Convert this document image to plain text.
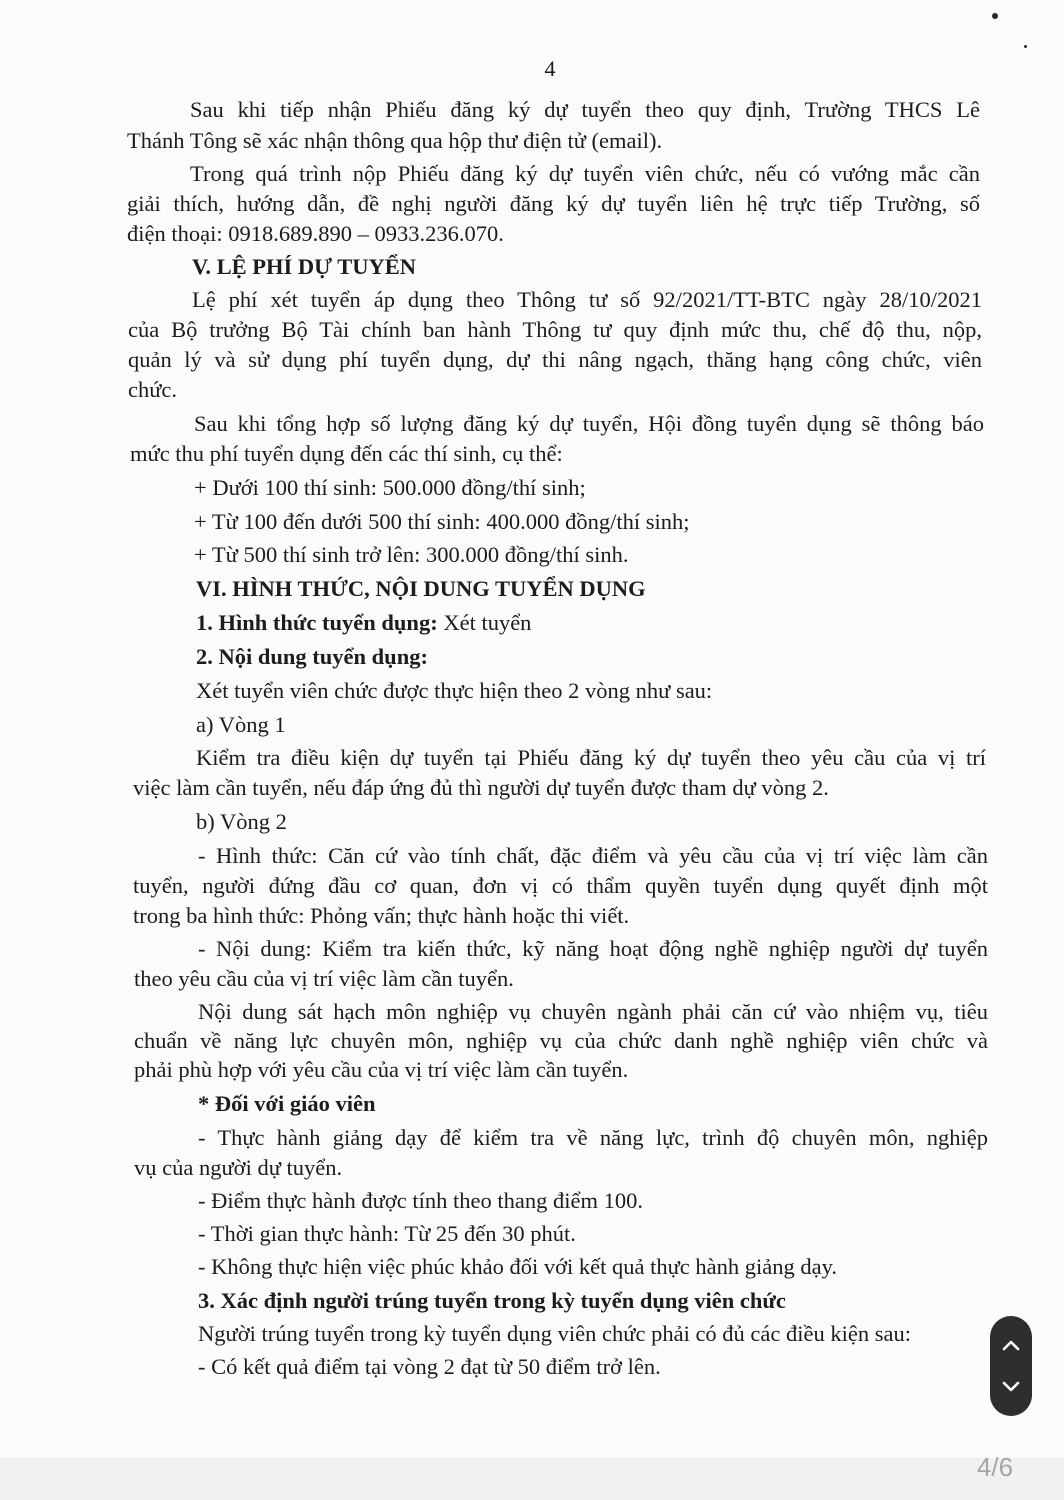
4
Sau khi tiếp nhận Phiếu đăng ký dự tuyển theo quy định, Trường THCS Lê
Thánh Tông sẽ xác nhận thông qua hộp thư điện tử (email).
Trong quá trình nộp Phiếu đăng ký dự tuyển viên chức, nếu có vướng mắc cần
giải thích, hướng dẫn, đề nghị người đăng ký dự tuyển liên hệ trực tiếp Trường, số
điện thoại: 0918.689.890 – 0933.236.070.
V. LỆ PHÍ DỰ TUYỂN
Lệ phí xét tuyển áp dụng theo Thông tư số 92/2021/TT-BTC ngày 28/10/2021
của Bộ trưởng Bộ Tài chính ban hành Thông tư quy định mức thu, chế độ thu, nộp,
quản lý và sử dụng phí tuyển dụng, dự thi nâng ngạch, thăng hạng công chức, viên
chức.
Sau khi tổng hợp số lượng đăng ký dự tuyển, Hội đồng tuyển dụng sẽ thông báo
mức thu phí tuyển dụng đến các thí sinh, cụ thể:
+ Dưới 100 thí sinh: 500.000 đồng/thí sinh;
+ Từ 100 đến dưới 500 thí sinh: 400.000 đồng/thí sinh;
+ Từ 500 thí sinh trở lên: 300.000 đồng/thí sinh.
VI. HÌNH THỨC, NỘI DUNG TUYỂN DỤNG
1. Hình thức tuyển dụng: Xét tuyển
2. Nội dung tuyển dụng:
Xét tuyển viên chức được thực hiện theo 2 vòng như sau:
a) Vòng 1
Kiểm tra điều kiện dự tuyển tại Phiếu đăng ký dự tuyển theo yêu cầu của vị trí
việc làm cần tuyển, nếu đáp ứng đủ thì người dự tuyển được tham dự vòng 2.
b) Vòng 2
- Hình thức: Căn cứ vào tính chất, đặc điểm và yêu cầu của vị trí việc làm cần
tuyển, người đứng đầu cơ quan, đơn vị có thẩm quyền tuyển dụng quyết định một
trong ba hình thức: Phỏng vấn; thực hành hoặc thi viết.
- Nội dung: Kiểm tra kiến thức, kỹ năng hoạt động nghề nghiệp người dự tuyển
theo yêu cầu của vị trí việc làm cần tuyển.
Nội dung sát hạch môn nghiệp vụ chuyên ngành phải căn cứ vào nhiệm vụ, tiêu
chuẩn về năng lực chuyên môn, nghiệp vụ của chức danh nghề nghiệp viên chức và
phải phù hợp với yêu cầu của vị trí việc làm cần tuyển.
* Đối với giáo viên
- Thực hành giảng dạy để kiểm tra về năng lực, trình độ chuyên môn, nghiệp
vụ của người dự tuyển.
- Điểm thực hành được tính theo thang điểm 100.
- Thời gian thực hành: Từ 25 đến 30 phút.
- Không thực hiện việc phúc khảo đối với kết quả thực hành giảng dạy.
3. Xác định người trúng tuyển trong kỳ tuyển dụng viên chức
Người trúng tuyển trong kỳ tuyển dụng viên chức phải có đủ các điều kiện sau:
- Có kết quả điểm tại vòng 2 đạt từ 50 điểm trở lên.
4/6
